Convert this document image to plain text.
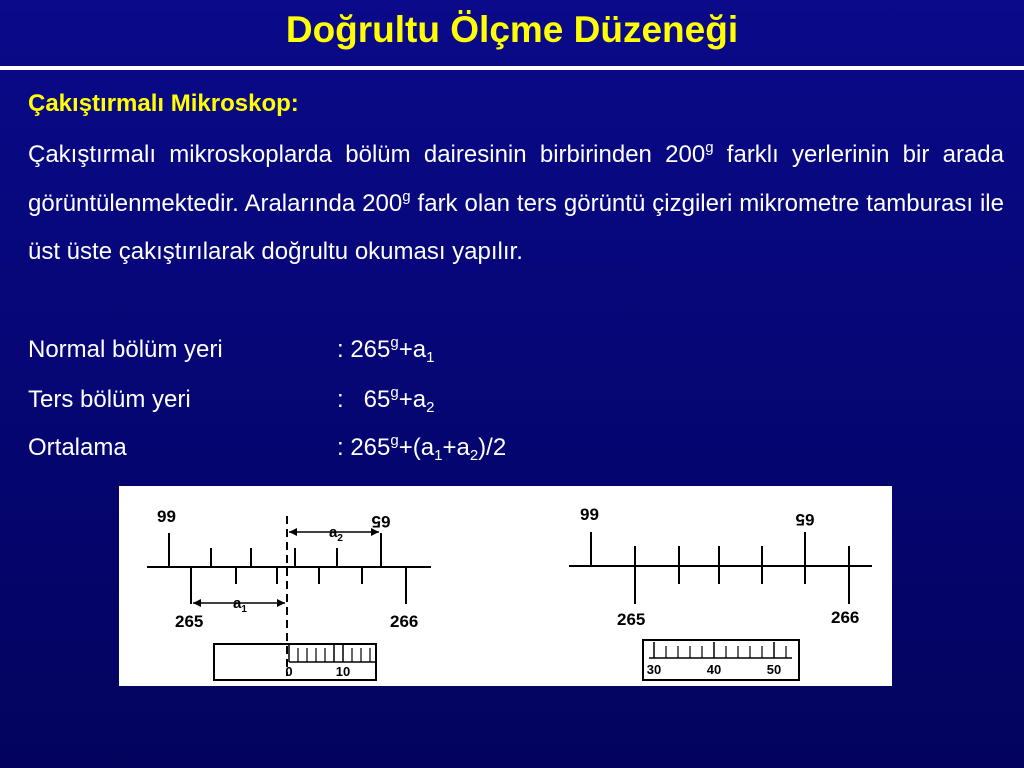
Doğrultu Ölçme Düzeneği
Çakıştırmalı Mikroskop:
Çakıştırmalı mikroskoplarda bölüm dairesinin birbirinden 200$^g$ farklı yerlerinin bir arada görüntülenmektedir. Aralarında 200$^g$ fark olan ters görüntü çizgileri mikrometre tamburası ile üst üste çakıştırılarak doğrultu okuması yapılır.
Normal bölüm yeri	: $265^g+a_1$
Ters bölüm yeri	:   $65^g+a_2$
Ortalama	: $265^g+(a_1+a_2)/2$
99	65
$a_2$
$a_1$
265	266
0	10
99	65
265	266
30	40	50
